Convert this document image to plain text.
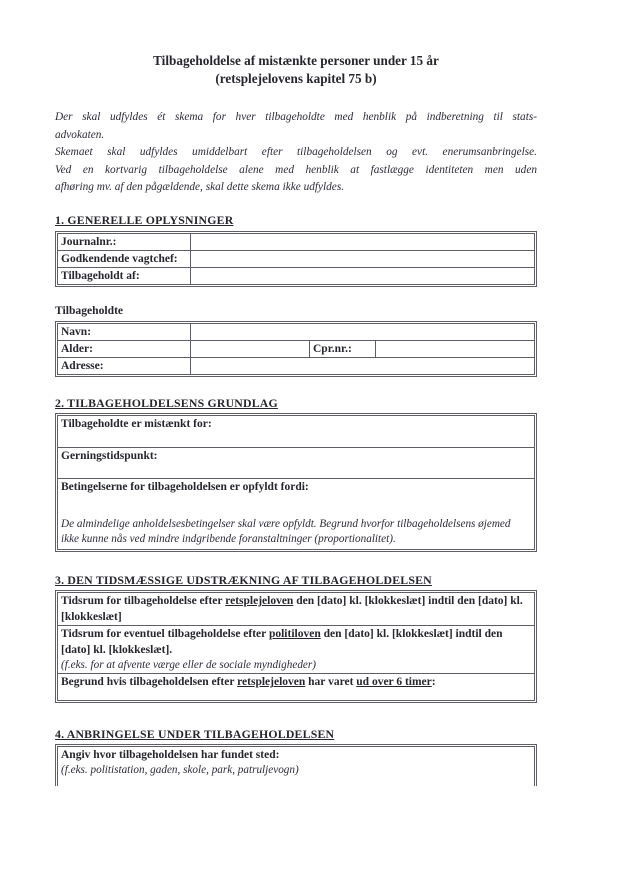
Tilbageholdelse af mistænkte personer under 15 år
(retsplejelovens kapitel 75 b)
Der skal udfyldes ét skema for hver tilbageholdte med henblik på indberetning til stats-
advokaten.
Skemaet skal udfyldes umiddelbart efter tilbageholdelsen og evt. enerumsanbringelse.
Ved en kortvarig tilbageholdelse alene med henblik at fastlægge identiteten men uden
afhøring mv. af den pågældende, skal dette skema ikke udfyldes.
1. GENERELLE OPLYSNINGER
Journalnr.:	
Godkendende vagtchef:	
Tilbageholdt af:	
Tilbageholdte
Navn:			
Alder:		Cpr.nr.:	
Adresse:			
2. TILBAGEHOLDELSENS GRUNDLAG
Tilbageholdte er mistænkt for:

Gerningstidspunkt:

Betingelserne for tilbageholdelsen er opfyldt fordi:
De almindelige anholdelsesbetingelser skal være opfyldt. Begrund hvorfor tilbageholdelsens øjemed ikke kunne nås ved mindre indgribende foranstaltninger (proportionalitet).
3. DEN TIDSMÆSSIGE UDSTRÆKNING AF TILBAGEHOLDELSEN
Tidsrum for tilbageholdelse efter retsplejeloven den [dato] kl. [klokkeslæt] indtil den [dato] kl. [klokkeslæt]
Tidsrum for eventuel tilbageholdelse efter politiloven den [dato] kl. [klokkeslæt] indtil den [dato] kl. [klokkeslæt].
(f.eks. for at afvente værge eller de sociale myndigheder)

Begrund hvis tilbageholdelsen efter retsplejeloven har varet ud over 6 timer:
4. ANBRINGELSE UNDER TILBAGEHOLDELSEN
Angiv hvor tilbageholdelsen har fundet sted:
(f.eks. politistation, gaden, skole, park, patruljevogn)
